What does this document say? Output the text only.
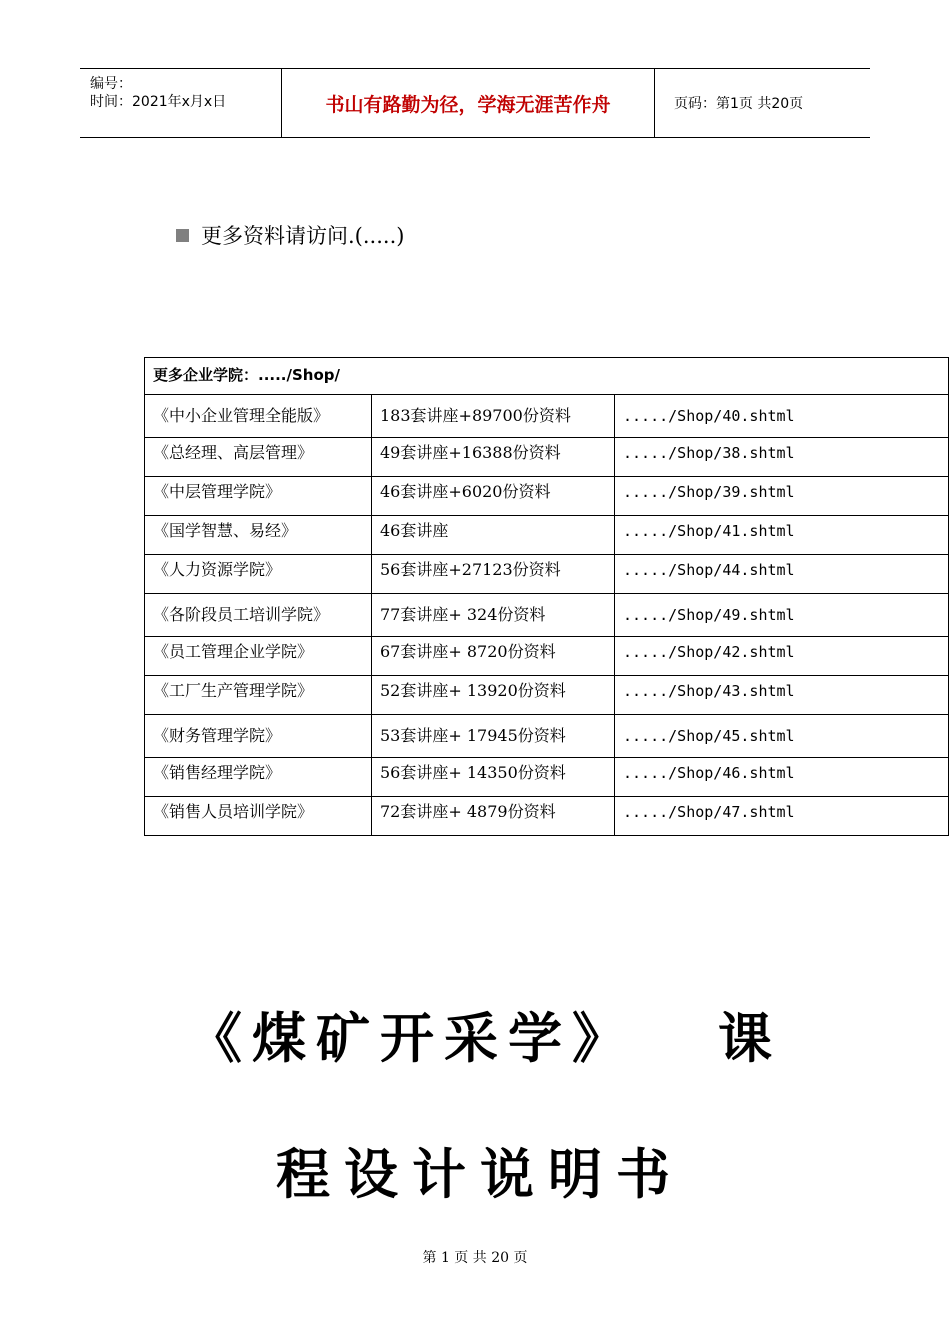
编号：
时间：2021年x月x日	书山有路勤为径，学海无涯苦作舟	页码：第1页 共20页
更多资料请访问.(.....)
更多企业学院：...../Shop/		
《中小企业管理全能版》	183套讲座+89700份资料	...../Shop/40.shtml
《总经理、高层管理》	49套讲座+16388份资料	...../Shop/38.shtml
《中层管理学院》	46套讲座+6020份资料	...../Shop/39.shtml
《国学智慧、易经》	46套讲座	...../Shop/41.shtml
《人力资源学院》	56套讲座+27123份资料	...../Shop/44.shtml
《各阶段员工培训学院》	77套讲座+ 324份资料	...../Shop/49.shtml
《员工管理企业学院》	67套讲座+ 8720份资料	...../Shop/42.shtml
《工厂生产管理学院》	52套讲座+ 13920份资料	...../Shop/43.shtml
《财务管理学院》	53套讲座+ 17945份资料	...../Shop/45.shtml
《销售经理学院》	56套讲座+ 14350份资料	...../Shop/46.shtml
《销售人员培训学院》	72套讲座+ 4879份资料	...../Shop/47.shtml
《煤矿开采学》 课
程设计说明书
第 1 页 共 20 页
